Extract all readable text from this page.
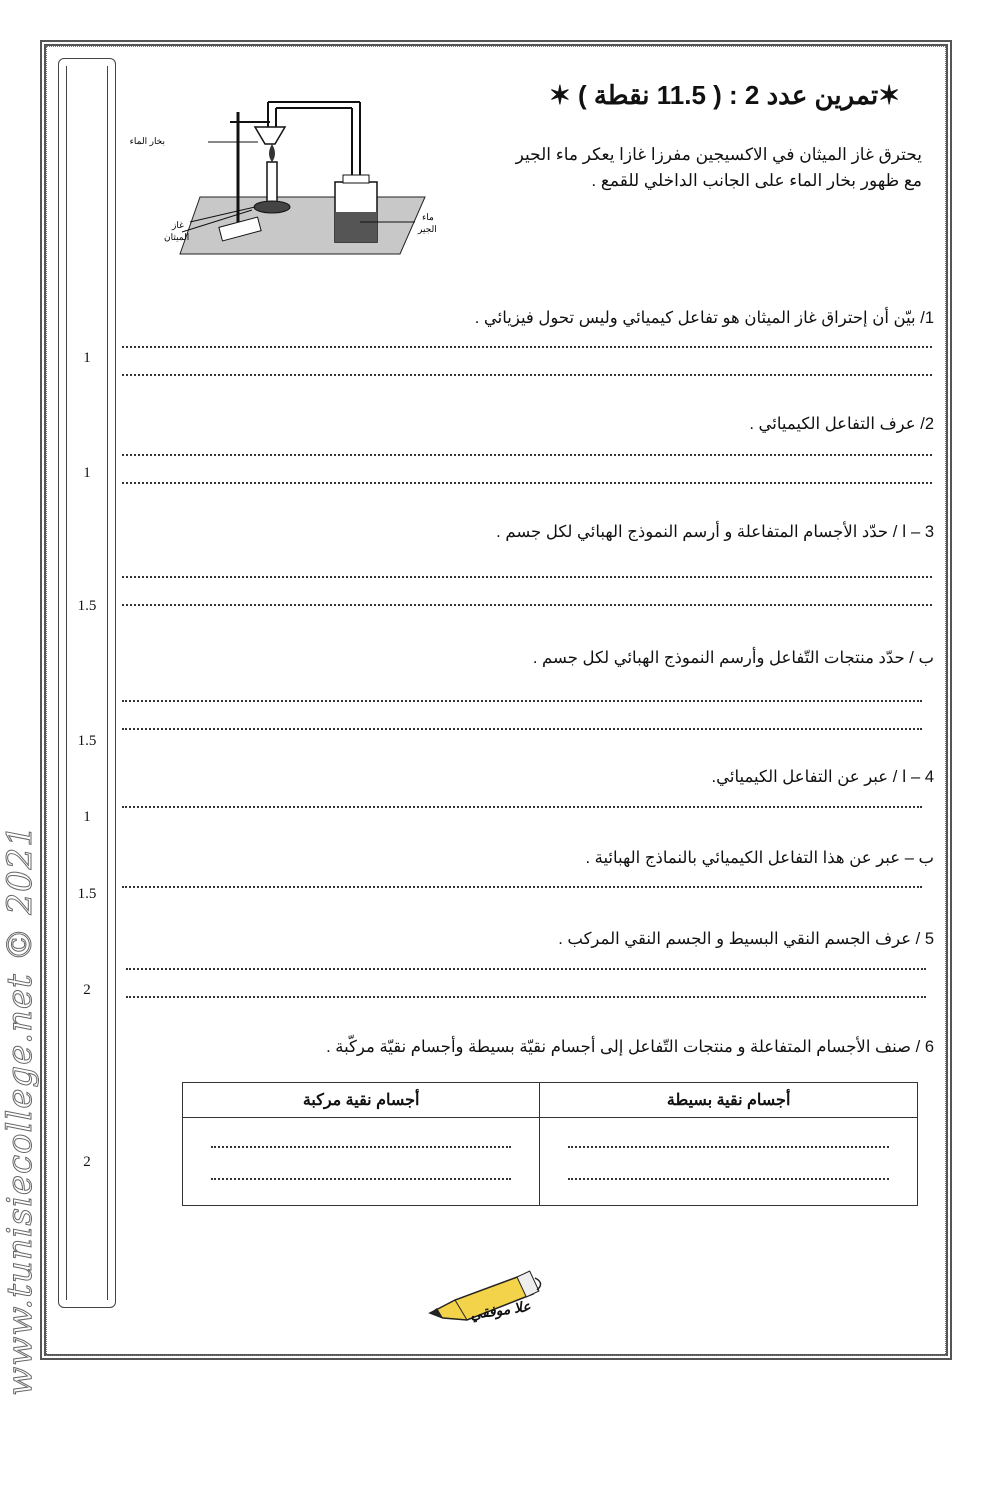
www.tunisiecollege.net © 2021
✶تمرين عدد 2 : ( 11.5 نقطة ) ✶
يحترق غاز الميثان في الاكسيجين مفرزا غازا يعكر ماء الجير
مع ظهور بخار الماء على الجانب الداخلي للقمع .
بخار الماء
غاز
الميثان
ماء
الجير
1/ بيّن أن إحتراق غاز الميثان هو تفاعل كيميائي وليس تحول فيزيائي .
1
2/ عرف التفاعل الكيميائي .
1
3 – ا / حدّد الأجسام المتفاعلة و أرسم النموذج الهبائي لكل جسم .
1.5
ب / حدّد منتجات التّفاعل وأرسم النموذج الهبائي لكل جسم .
1.5
4 – ا / عبر عن التفاعل الكيميائي.
1
ب – عبر عن هذا التفاعل الكيميائي بالنماذج الهبائية .
1.5
5 / عرف الجسم النقي البسيط و الجسم النقي المركب .
2
6 / صنف الأجسام المتفاعلة و منتجات التّفاعل إلى أجسام نقيّة بسيطة وأجسام نقيّة مركّبة .
أجسام نقية بسيطة	أجسام نقية مركبة

2
علا موفقي
